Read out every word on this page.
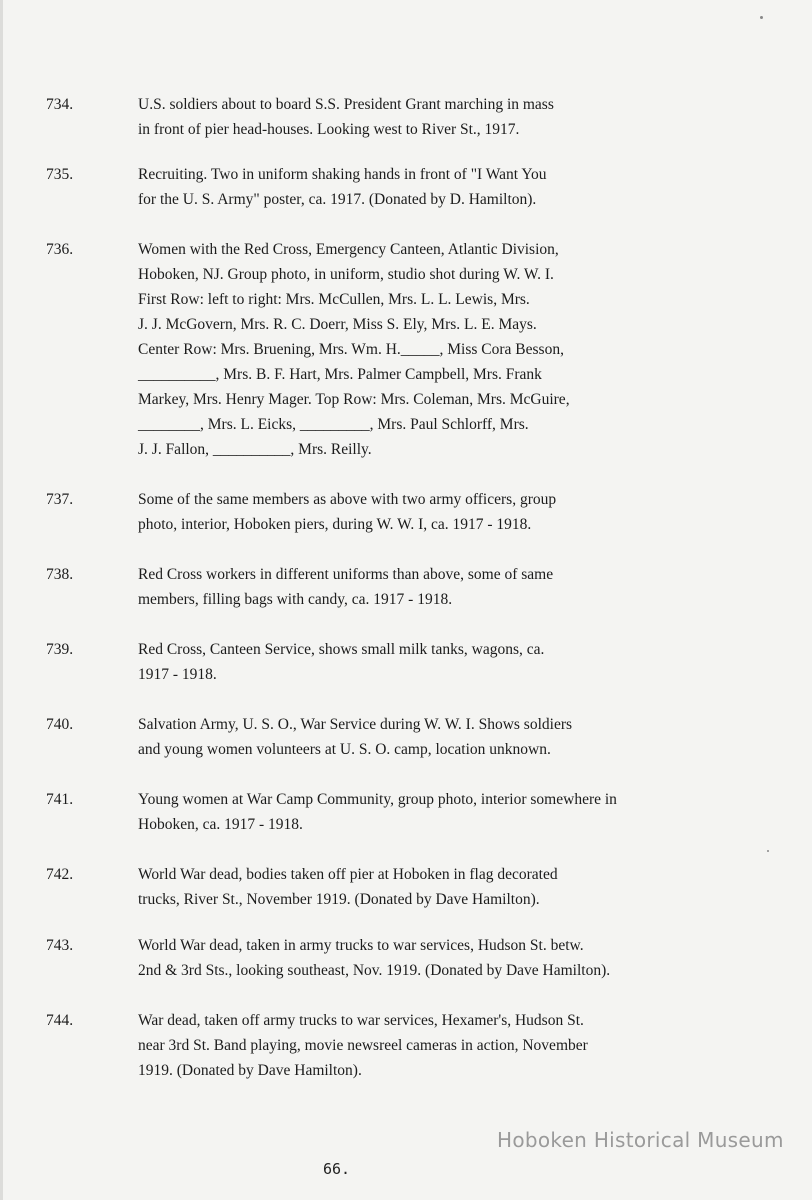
734.	U.S. soldiers about to board S.S. President Grant marching in mass
in front of pier head-houses. Looking west to River St., 1917.
735.	Recruiting. Two in uniform shaking hands in front of "I Want You
for the U. S. Army" poster, ca. 1917. (Donated by D. Hamilton).
736.	Women with the Red Cross, Emergency Canteen, Atlantic Division,
Hoboken, NJ. Group photo, in uniform, studio shot during W. W. I.
First Row: left to right: Mrs. McCullen, Mrs. L. L. Lewis, Mrs.
J. J. McGovern, Mrs. R. C. Doerr, Miss S. Ely, Mrs. L. E. Mays.
Center Row: Mrs. Bruening, Mrs. Wm. H._____, Miss Cora Besson,
__________, Mrs. B. F. Hart, Mrs. Palmer Campbell, Mrs. Frank
Markey, Mrs. Henry Mager. Top Row: Mrs. Coleman, Mrs. McGuire,
________, Mrs. L. Eicks, _________, Mrs. Paul Schlorff, Mrs.
J. J. Fallon, __________, Mrs. Reilly.
737.	Some of the same members as above with two army officers, group
photo, interior, Hoboken piers, during W. W. I, ca. 1917 - 1918.
738.	Red Cross workers in different uniforms than above, some of same
members, filling bags with candy, ca. 1917 - 1918.
739.	Red Cross, Canteen Service, shows small milk tanks, wagons, ca.
1917 - 1918.
740.	Salvation Army, U. S. O., War Service during W. W. I. Shows soldiers
and young women volunteers at U. S. O. camp, location unknown.
741.	Young women at War Camp Community, group photo, interior somewhere in
Hoboken, ca. 1917 - 1918.
742.	World War dead, bodies taken off pier at Hoboken in flag decorated
trucks, River St., November 1919. (Donated by Dave Hamilton).
743.	World War dead, taken in army trucks to war services, Hudson St. betw.
2nd & 3rd Sts., looking southeast, Nov. 1919. (Donated by Dave Hamilton).
744.	War dead, taken off army trucks to war services, Hexamer's, Hudson St.
near 3rd St. Band playing, movie newsreel cameras in action, November
1919. (Donated by Dave Hamilton).
Hoboken Historical Museum
66.
